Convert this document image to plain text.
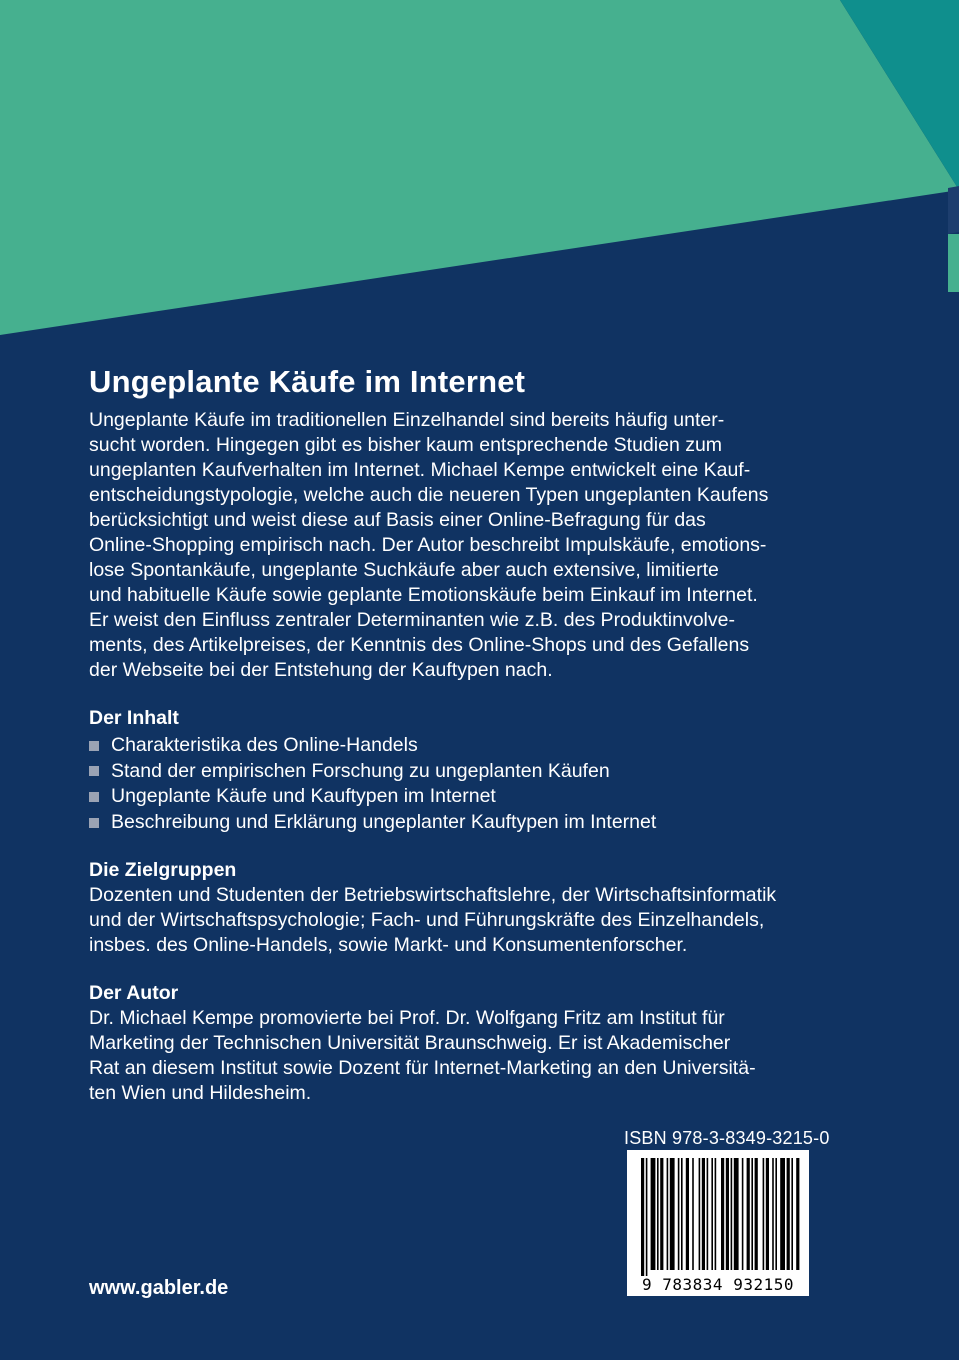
Ungeplante Käufe im Internet

Ungeplante Käufe im traditionellen Einzelhandel sind bereits häufig unter-

sucht worden. Hingegen gibt es bisher kaum entsprechende Studien zum

ungeplanten Kaufverhalten im Internet. Michael Kempe entwickelt eine Kauf-

entscheidungstypologie, welche auch die neueren Typen ungeplanten Kaufens

berücksichtigt und weist diese auf Basis einer Online-Befragung für das

Online-Shopping empirisch nach. Der Autor beschreibt Impulskäufe, emotions-

lose Spontankäufe, ungeplante Suchkäufe aber auch extensive, limitierte

und habituelle Käufe sowie geplante Emotionskäufe beim Einkauf im Internet.

Er weist den Einfluss zentraler Determinanten wie z.B. des Produktinvolve-

ments, des Artikelpreises, der Kenntnis des Online-Shops und des Gefallens

der Webseite bei der Entstehung der Kauftypen nach.

Der Inhalt
Charakteristika des Online-Handels
Stand der empirischen Forschung zu ungeplanten Käufen
Ungeplante Käufe und Kauftypen im Internet
Beschreibung und Erklärung ungeplanter Kauftypen im Internet
Die Zielgruppen

Dozenten und Studenten der Betriebswirtschaftslehre, der Wirtschaftsinformatik

und der Wirtschaftspsychologie; Fach- und Führungskräfte des Einzelhandels,

insbes. des Online-Handels, sowie Markt- und Konsumentenforscher.

Der Autor

Dr. Michael Kempe promovierte bei Prof. Dr. Wolfgang Fritz am Institut für

Marketing der Technischen Universität Braunschweig. Er ist Akademischer

Rat an diesem Institut sowie Dozent für Internet-Marketing an den Universitä-

ten Wien und Hildesheim.

ISBN 978-3-8349-3215-0
9 783834 932150
www.gabler.de
